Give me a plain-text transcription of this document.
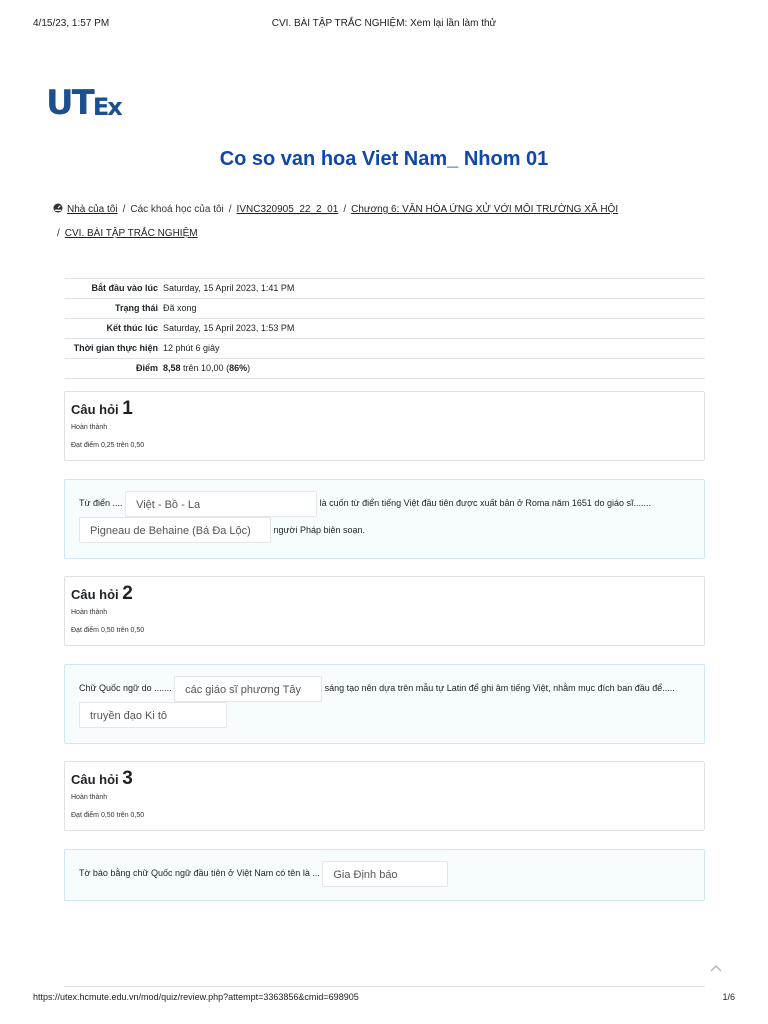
4/15/23, 1:57 PM	CVI. BÀI TẬP TRẮC NGHIỆM: Xem lại lần làm thử
U T Ex
Co so van hoa Viet Nam_ Nhom 01
Nhà của tôi / Các khoá học của tôi / IVNC320905_22_2_01 / Chương 6: VĂN HÓA ỨNG XỬ VỚI MÔI TRƯỜNG XÃ HỘI
/ CVI. BÀI TẬP TRẮC NGHIỆM
Bắt đầu vào lúc	Saturday, 15 April 2023, 1:41 PM
Trạng thái	Đã xong
Kết thúc lúc	Saturday, 15 April 2023, 1:53 PM
Thời gian thực hiện	12 phút 6 giây
Điểm	8,58 trên 10,00 (86%)
Câu hỏi 1
Hoàn thành
Đạt điểm 0,25 trên 0,50
Từ điển .... Việt - Bồ - La	là cuốn từ điển tiếng Việt đầu tiên được xuất bản ở Roma năm 1651 do giáo sĩ.......
Pigneau de Behaine (Bá Đa Lộc)	người Pháp biên soạn.
Câu hỏi 2
Hoàn thành
Đạt điểm 0,50 trên 0,50
Chữ Quốc ngữ do ....... các giáo sĩ phương Tây	sáng tạo nên dựa trên mẫu tự Latin để ghi âm tiếng Việt, nhằm mục đích ban đầu để..... truyền đạo Ki tô
Câu hỏi 3
Hoàn thành
Đạt điểm 0,50 trên 0,50
Tờ báo bằng chữ Quốc ngữ đầu tiên ở Việt Nam có tên là ... Gia Định báo
https://utex.hcmute.edu.vn/mod/quiz/review.php?attempt=3363856&cmid=698905	1/6
